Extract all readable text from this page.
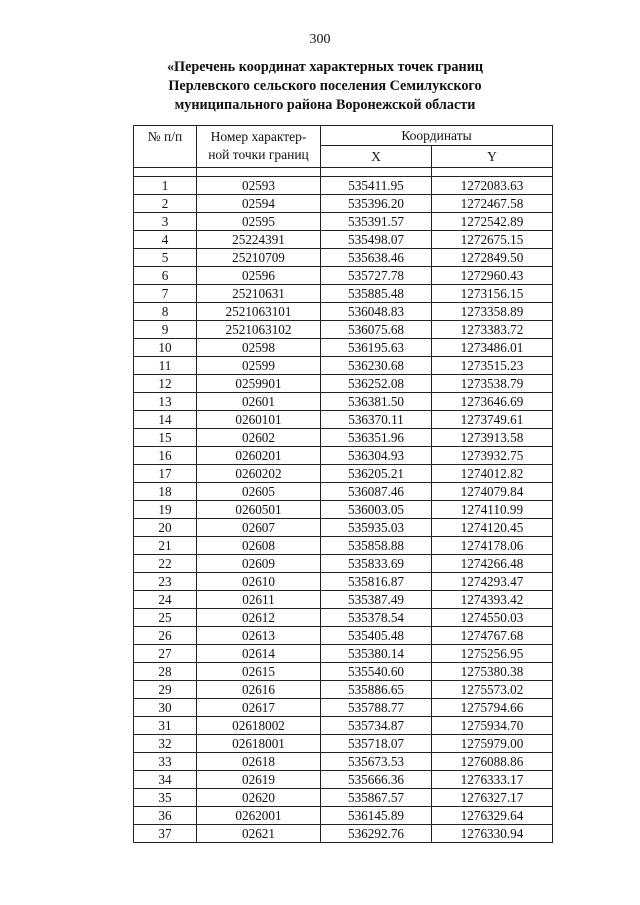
300
«Перечень координат характерных точек границ
Перлевского сельского поселения Семилукского
муниципального района Воронежской области
№ п/п	Номер характер-
ной точки границ	Координаты	
		X	Y

1	02593	535411.95	1272083.63
2	02594	535396.20	1272467.58
3	02595	535391.57	1272542.89
4	25224391	535498.07	1272675.15
5	25210709	535638.46	1272849.50
6	02596	535727.78	1272960.43
7	25210631	535885.48	1273156.15
8	2521063101	536048.83	1273358.89
9	2521063102	536075.68	1273383.72
10	02598	536195.63	1273486.01
11	02599	536230.68	1273515.23
12	0259901	536252.08	1273538.79
13	02601	536381.50	1273646.69
14	0260101	536370.11	1273749.61
15	02602	536351.96	1273913.58
16	0260201	536304.93	1273932.75
17	0260202	536205.21	1274012.82
18	02605	536087.46	1274079.84
19	0260501	536003.05	1274110.99
20	02607	535935.03	1274120.45
21	02608	535858.88	1274178.06
22	02609	535833.69	1274266.48
23	02610	535816.87	1274293.47
24	02611	535387.49	1274393.42
25	02612	535378.54	1274550.03
26	02613	535405.48	1274767.68
27	02614	535380.14	1275256.95
28	02615	535540.60	1275380.38
29	02616	535886.65	1275573.02
30	02617	535788.77	1275794.66
31	02618002	535734.87	1275934.70
32	02618001	535718.07	1275979.00
33	02618	535673.53	1276088.86
34	02619	535666.36	1276333.17
35	02620	535867.57	1276327.17
36	0262001	536145.89	1276329.64
37	02621	536292.76	1276330.94
